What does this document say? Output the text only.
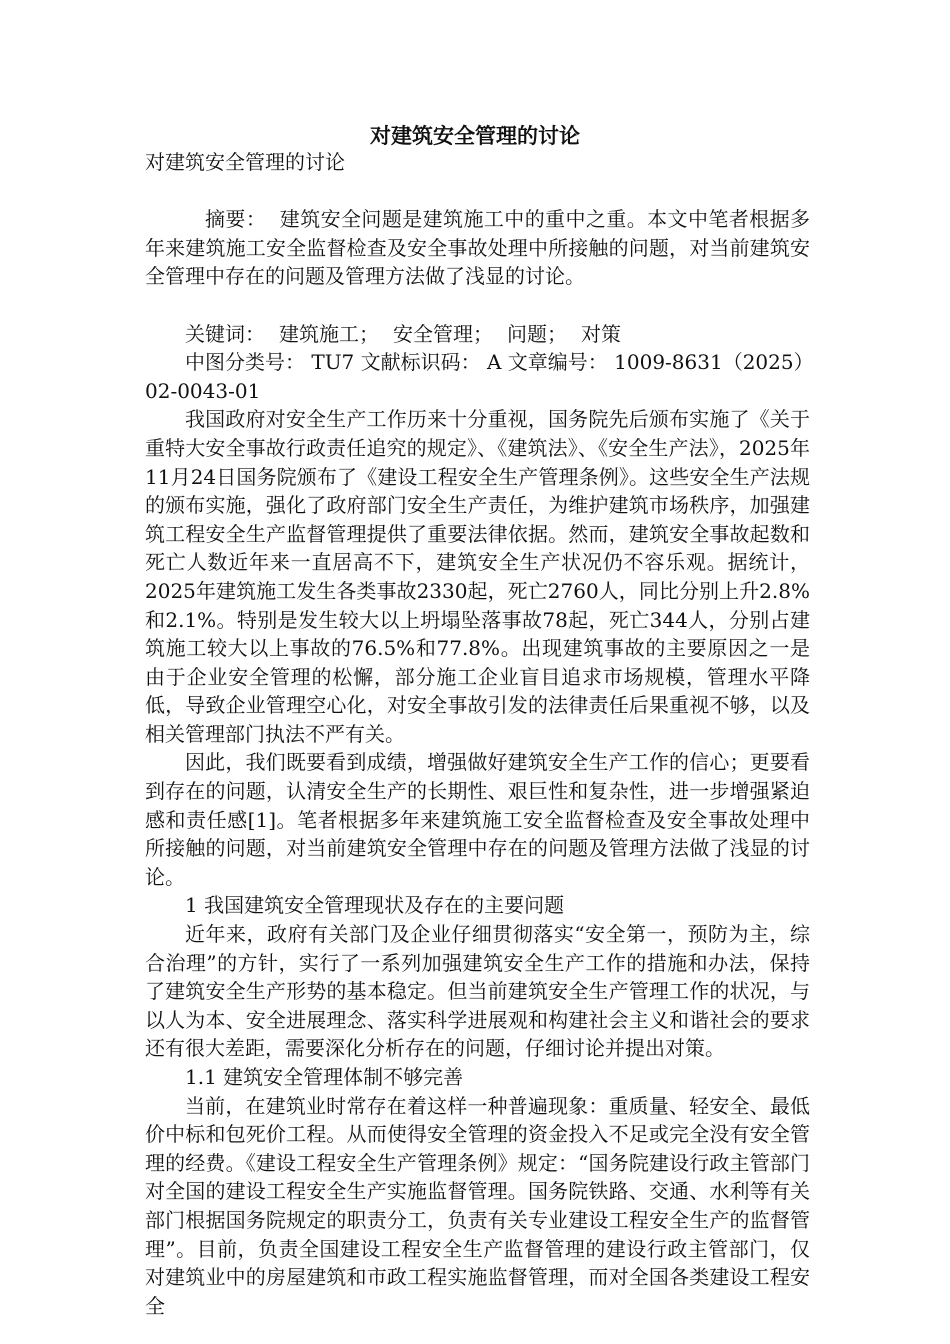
对建筑安全管理的讨论

对建筑安全管理的讨论

摘要： 建筑安全问题是建筑施工中的重中之重。本文中笔者根据多年来建筑施工安全监督检查及安全事故处理中所接触的问题，对当前建筑安全管理中存在的问题及管理方法做了浅显的讨论。

关键词： 建筑施工； 安全管理； 问题； 对策

中图分类号： TU7 文献标识码： A 文章编号： 1009-8631（2025）02-0043-01

我国政府对安全生产工作历来十分重视，国务院先后颁布实施了《关于重特大安全事故行政责任追究的规定》、《建筑法》、《安全生产法》，2025年11月24日国务院颁布了《建设工程安全生产管理条例》。这些安全生产法规的颁布实施，强化了政府部门安全生产责任，为维护建筑市场秩序，加强建筑工程安全生产监督管理提供了重要法律依据。然而，建筑安全事故起数和死亡人数近年来一直居高不下，建筑安全生产状况仍不容乐观。据统计，2025年建筑施工发生各类事故2330起，死亡2760人，同比分别上升2.8%和2.1%。特别是发生较大以上坍塌坠落事故78起，死亡344人，分别占建筑施工较大以上事故的76.5%和77.8%。出现建筑事故的主要原因之一是由于企业安全管理的松懈，部分施工企业盲目追求市场规模，管理水平降低，导致企业管理空心化，对安全事故引发的法律责任后果重视不够，以及相关管理部门执法不严有关。

因此，我们既要看到成绩，增强做好建筑安全生产工作的信心；更要看到存在的问题，认清安全生产的长期性、艰巨性和复杂性，进一步增强紧迫感和责任感[1]。笔者根据多年来建筑施工安全监督检查及安全事故处理中所接触的问题，对当前建筑安全管理中存在的问题及管理方法做了浅显的讨论。

1 我国建筑安全管理现状及存在的主要问题

近年来，政府有关部门及企业仔细贯彻落实“安全第一，预防为主，综合治理”的方针，实行了一系列加强建筑安全生产工作的措施和办法，保持了建筑安全生产形势的基本稳定。但当前建筑安全生产管理工作的状况，与以人为本、安全进展理念、落实科学进展观和构建社会主义和谐社会的要求还有很大差距，需要深化分析存在的问题，仔细讨论并提出对策。

1.1 建筑安全管理体制不够完善

当前，在建筑业时常存在着这样一种普遍现象：重质量、轻安全、最低价中标和包死价工程。从而使得安全管理的资金投入不足或完全没有安全管理的经费。《建设工程安全生产管理条例》规定：“国务院建设行政主管部门对全国的建设工程安全生产实施监督管理。国务院铁路、交通、水利等有关部门根据国务院规定的职责分工，负责有关专业建设工程安全生产的监督管理”。目前，负责全国建设工程安全生产监督管理的建设行政主管部门，仅对建筑业中的房屋建筑和市政工程实施监督管理，而对全国各类建设工程安全
